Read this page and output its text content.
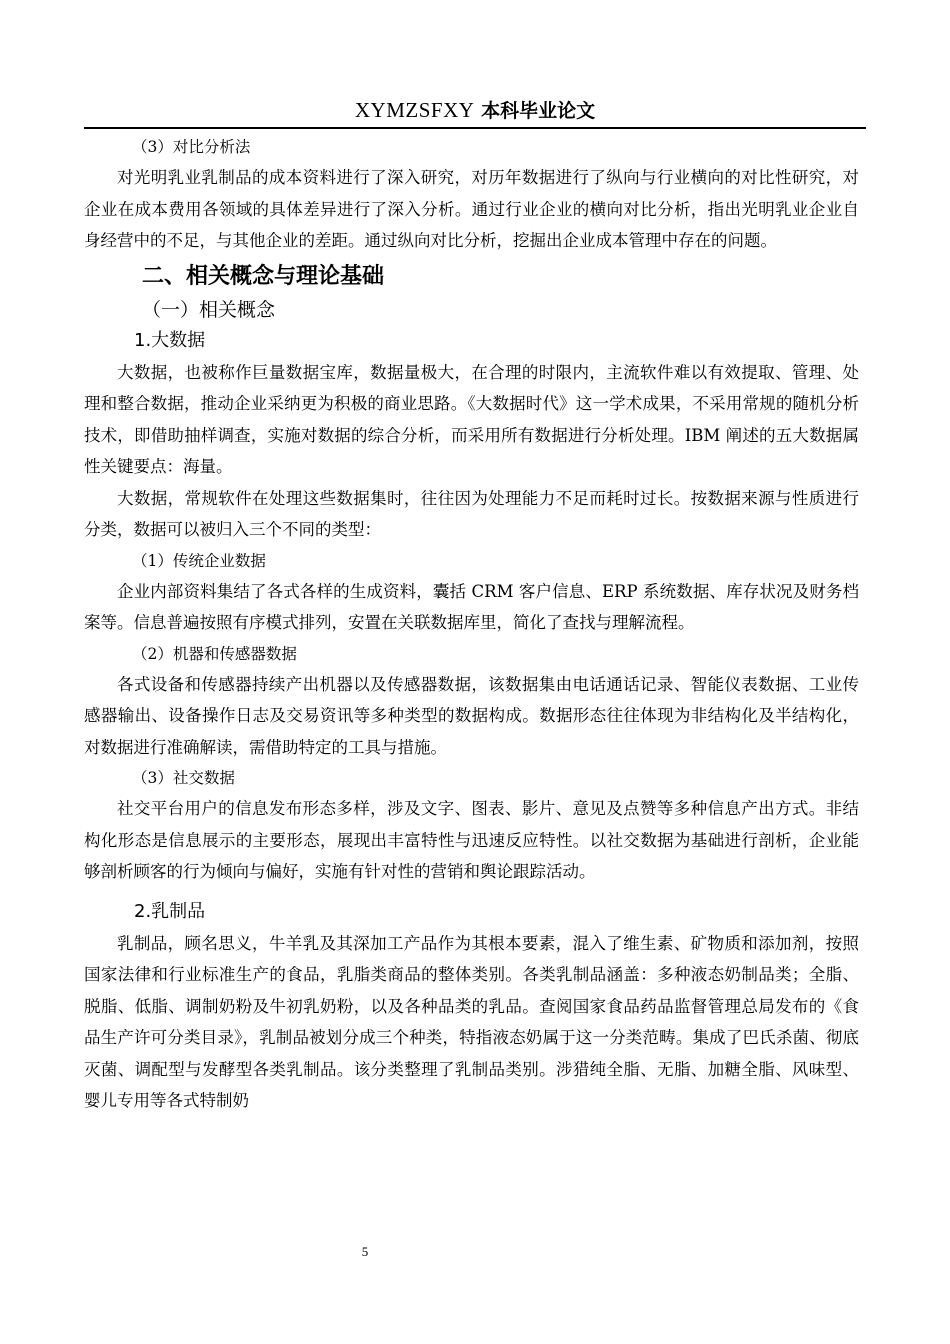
XYMZSFXY 本科毕业论文

（3）对比分析法

对光明乳业乳制品的成本资料进行了深入研究，对历年数据进行了纵向与行业横向的对比性研究，对企业在成本费用各领域的具体差异进行了深入分析。通过行业企业的横向对比分析，指出光明乳业企业自身经营中的不足，与其他企业的差距。通过纵向对比分析，挖掘出企业成本管理中存在的问题。

二、相关概念与理论基础

（一）相关概念

1.大数据

大数据，也被称作巨量数据宝库，数据量极大，在合理的时限内，主流软件难以有效提取、管理、处理和整合数据，推动企业采纳更为积极的商业思路。《大数据时代》这一学术成果，不采用常规的随机分析技术，即借助抽样调查，实施对数据的综合分析，而采用所有数据进行分析处理。IBM 阐述的五大数据属性关键要点：海量。

大数据，常规软件在处理这些数据集时，往往因为处理能力不足而耗时过长。按数据来源与性质进行分类，数据可以被归入三个不同的类型：

（1）传统企业数据

企业内部资料集结了各式各样的生成资料，囊括 CRM 客户信息、ERP 系统数据、库存状况及财务档案等。信息普遍按照有序模式排列，安置在关联数据库里，简化了查找与理解流程。

（2）机器和传感器数据

各式设备和传感器持续产出机器以及传感器数据，该数据集由电话通话记录、智能仪表数据、工业传感器输出、设备操作日志及交易资讯等多种类型的数据构成。数据形态往往体现为非结构化及半结构化，对数据进行准确解读，需借助特定的工具与措施。

（3）社交数据

社交平台用户的信息发布形态多样，涉及文字、图表、影片、意见及点赞等多种信息产出方式。非结构化形态是信息展示的主要形态，展现出丰富特性与迅速反应特性。以社交数据为基础进行剖析，企业能够剖析顾客的行为倾向与偏好，实施有针对性的营销和舆论跟踪活动。

2.乳制品

乳制品，顾名思义，牛羊乳及其深加工产品作为其根本要素，混入了维生素、矿物质和添加剂，按照国家法律和行业标准生产的食品，乳脂类商品的整体类别。各类乳制品涵盖：多种液态奶制品类；全脂、脱脂、低脂、调制奶粉及牛初乳奶粉，以及各种品类的乳品。查阅国家食品药品监督管理总局发布的《食品生产许可分类目录》，乳制品被划分成三个种类，特指液态奶属于这一分类范畴。集成了巴氏杀菌、彻底灭菌、调配型与发酵型各类乳制品。该分类整理了乳制品类别。涉猎纯全脂、无脂、加糖全脂、风味型、婴儿专用等各式特制奶

5
